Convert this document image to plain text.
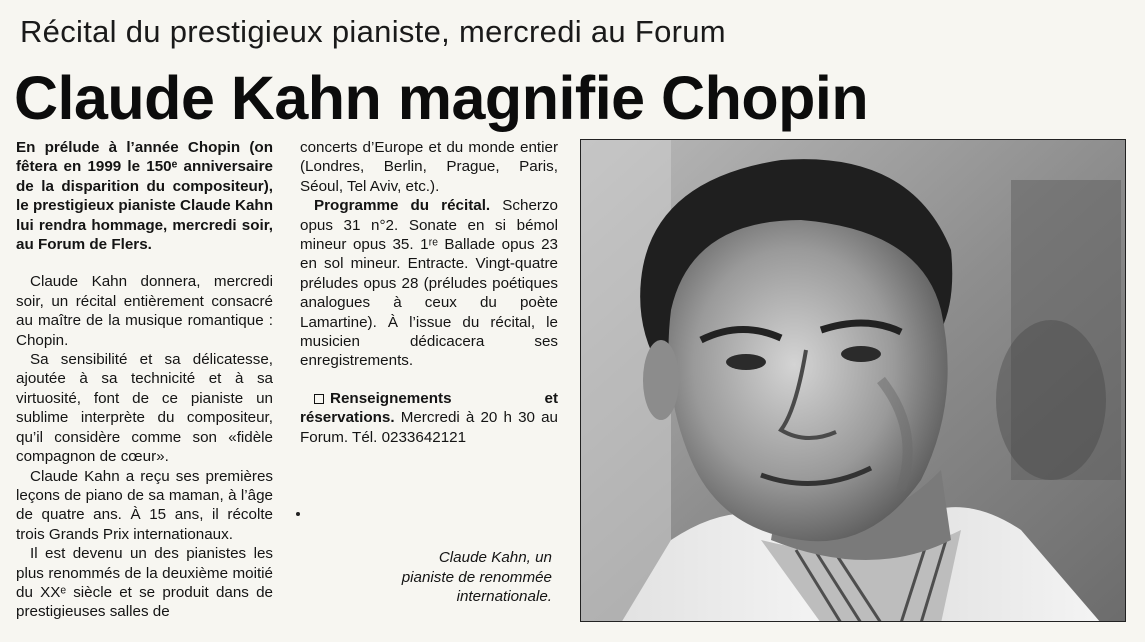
Récital du prestigieux pianiste, mercredi au Forum
Claude Kahn magnifie Chopin

En prélude à l’année Chopin (on fêtera en 1999 le 150ᵉ anniversaire de la disparition du compositeur), le prestigieux pianiste Claude Kahn lui rendra hommage, mercredi soir, au Forum de Flers.

Claude Kahn donnera, mercredi soir, un récital entièrement consacré au maître de la musique romantique : Chopin.

Sa sensibilité et sa délicatesse, ajoutée à sa technicité et à sa virtuosité, font de ce pianiste un sublime interprète du compositeur, qu’il considère comme son «fidèle compagnon de cœur».

Claude Kahn a reçu ses premières leçons de piano de sa maman, à l’âge de quatre ans. À 15 ans, il récolte trois Grands Prix internationaux.

Il est devenu un des pianistes les plus renommés de la deuxième moitié du XXᵉ siècle et se produit dans de prestigieuses salles de

concerts d’Europe et du monde entier (Londres, Berlin, Prague, Paris, Séoul, Tel Aviv, etc.).

Programme du récital. Scherzo opus 31 n°2. Sonate en si bémol mineur opus 35. 1ʳᵉ Ballade opus 23 en sol mineur. Entracte. Vingt-quatre préludes opus 28 (préludes poétiques analogues à ceux du poète Lamartine). À l’issue du récital, le musicien dédicacera ses enregistrements.

Renseignements et réservations. Mercredi à 20 h 30 au Forum. Tél. 0233642121

Claude Kahn, un pianiste de renommée internationale.
